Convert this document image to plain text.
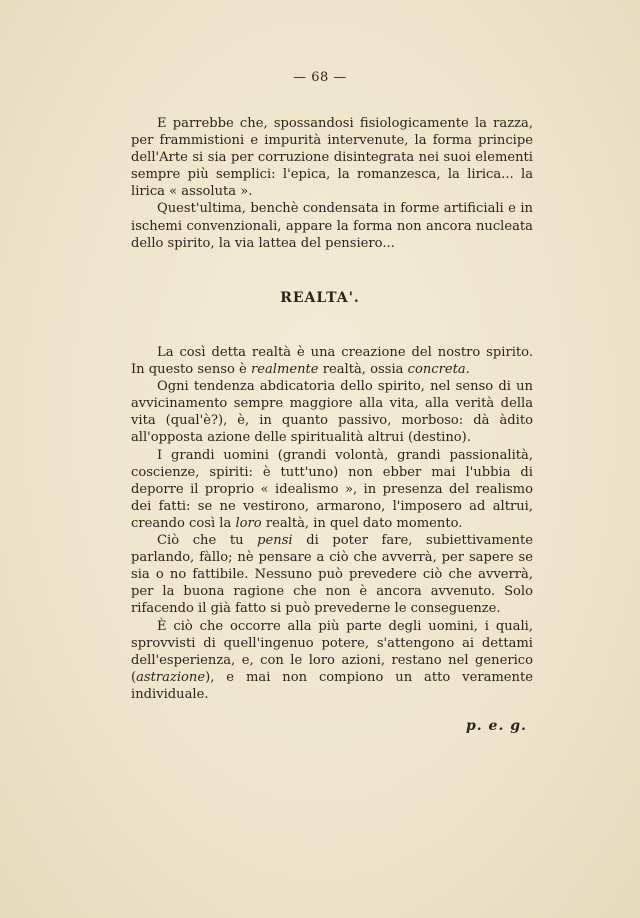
— 68 —

E parrebbe che, spossandosi fisiologicamente la razza, per frammistioni e impurità intervenute, la forma principe dell'Arte si sia per corruzione disintegrata nei suoi elementi sempre più semplici: l'epica, la romanzesca, la lirica... la lirica « assoluta ».

Quest'ultima, benchè condensata in forme artificiali e in ischemi convenzionali, appare la forma non ancora nucleata dello spirito, la via lattea del pensiero...

REALTA'.

La così detta realtà è una creazione del nostro spirito. In questo senso è realmente realtà, ossia concreta.

Ogni tendenza abdicatoria dello spirito, nel senso di un avvicinamento sempre maggiore alla vita, alla verità della vita (qual'è?), è, in quanto passivo, morboso: dà àdito all'opposta azione delle spiritualità altrui (destino).

I grandi uomini (grandi volontà, grandi passionalità, coscienze, spiriti: è tutt'uno) non ebber mai l'ubbia di deporre il proprio « idealismo », in presenza del realismo dei fatti: se ne vestirono, armarono, l'imposero ad altrui, creando così la loro realtà, in quel dato momento.

Ciò che tu pensi di poter fare, subiettivamente parlando, fàllo; nè pensare a ciò che avverrà, per sapere se sia o no fattibile. Nessuno può prevedere ciò che avverrà, per la buona ragione che non è ancora avvenuto. Solo rifacendo il già fatto si può prevederne le conseguenze.

È ciò che occorre alla più parte degli uomini, i quali, sprovvisti di quell'ingenuo potere, s'attengono ai dettami dell'esperienza, e, con le loro azioni, restano nel generico (astrazione), e mai non compiono un atto veramente individuale.

p. e. g.
